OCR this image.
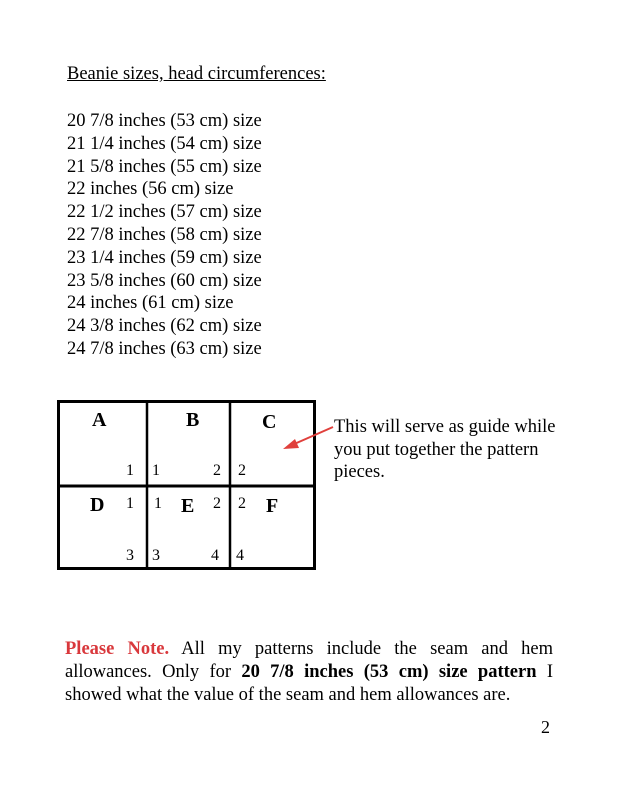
Beanie sizes, head circumferences:
20 7/8 inches (53 cm) size
21 1/4 inches (54 cm) size
21 5/8 inches (55 cm) size
22 inches (56 cm) size
22 1/2 inches (57 cm) size
22 7/8 inches (58 cm) size
23 1/4 inches (59 cm) size
23 5/8 inches (60 cm) size
24 inches (61 cm) size
24 3/8 inches (62 cm) size
24 7/8 inches (63 cm) size
A	B	C
D	E	F
1 1	2 2
1 1	2 2
3 3	4 4
This will serve as guide while you put together the pattern pieces.

Please Note. All my patterns include the seam and hem allowances. Only for 20 7/8 inches (53 cm) size pattern I showed what the value of the seam and hem allowances are.

2
